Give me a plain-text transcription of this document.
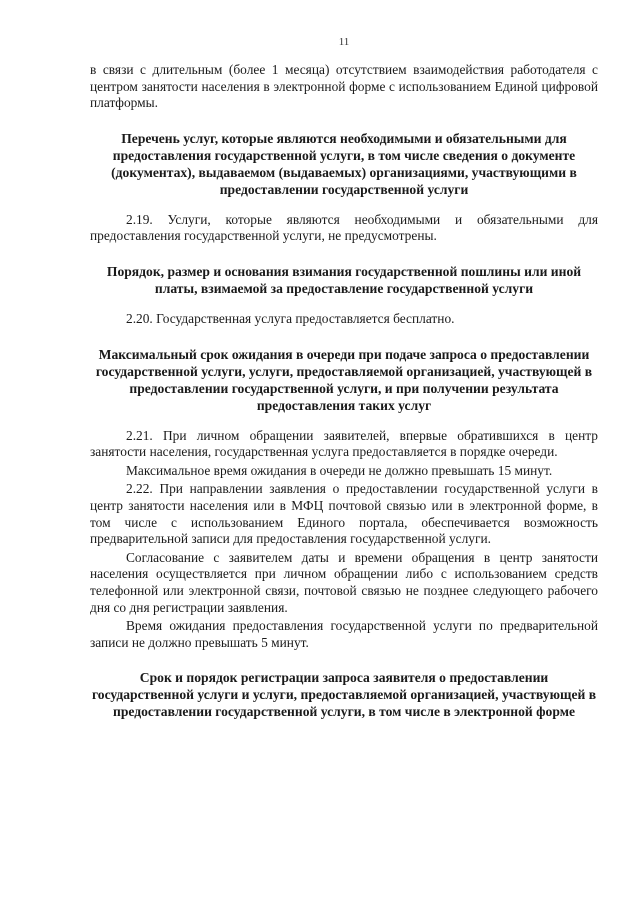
11

в связи с длительным (более 1 месяца) отсутствием взаимодействия работодателя с центром занятости населения в электронной форме с использованием Единой цифровой платформы.

Перечень услуг, которые являются необходимыми и обязательными для предоставления государственной услуги, в том числе сведения о документе (документах), выдаваемом (выдаваемых) организациями, участвующими в предоставлении государственной услуги

2.19. Услуги, которые являются необходимыми и обязательными для предоставления государственной услуги, не предусмотрены.

Порядок, размер и основания взимания государственной пошлины или иной платы, взимаемой за предоставление государственной услуги

2.20. Государственная услуга предоставляется бесплатно.

Максимальный срок ожидания в очереди при подаче запроса о предоставлении государственной услуги, услуги, предоставляемой организацией, участвующей в предоставлении государственной услуги, и при получении результата предоставления таких услуг

2.21. При личном обращении заявителей, впервые обратившихся в центр занятости населения, государственная услуга предоставляется в порядке очереди.

Максимальное время ожидания в очереди не должно превышать 15 минут.

2.22. При направлении заявления о предоставлении государственной услуги в центр занятости населения или в МФЦ почтовой связью или в электронной форме, в том числе с использованием Единого портала, обеспечивается возможность предварительной записи для предоставления государственной услуги.

Согласование с заявителем даты и времени обращения в центр занятости населения осуществляется при личном обращении либо с использованием средств телефонной или электронной связи, почтовой связью не позднее следующего рабочего дня со дня регистрации заявления.

Время ожидания предоставления государственной услуги по предварительной записи не должно превышать 5 минут.

Срок и порядок регистрации запроса заявителя о предоставлении государственной услуги и услуги, предоставляемой организацией, участвующей в предоставлении государственной услуги, в том числе в электронной форме
